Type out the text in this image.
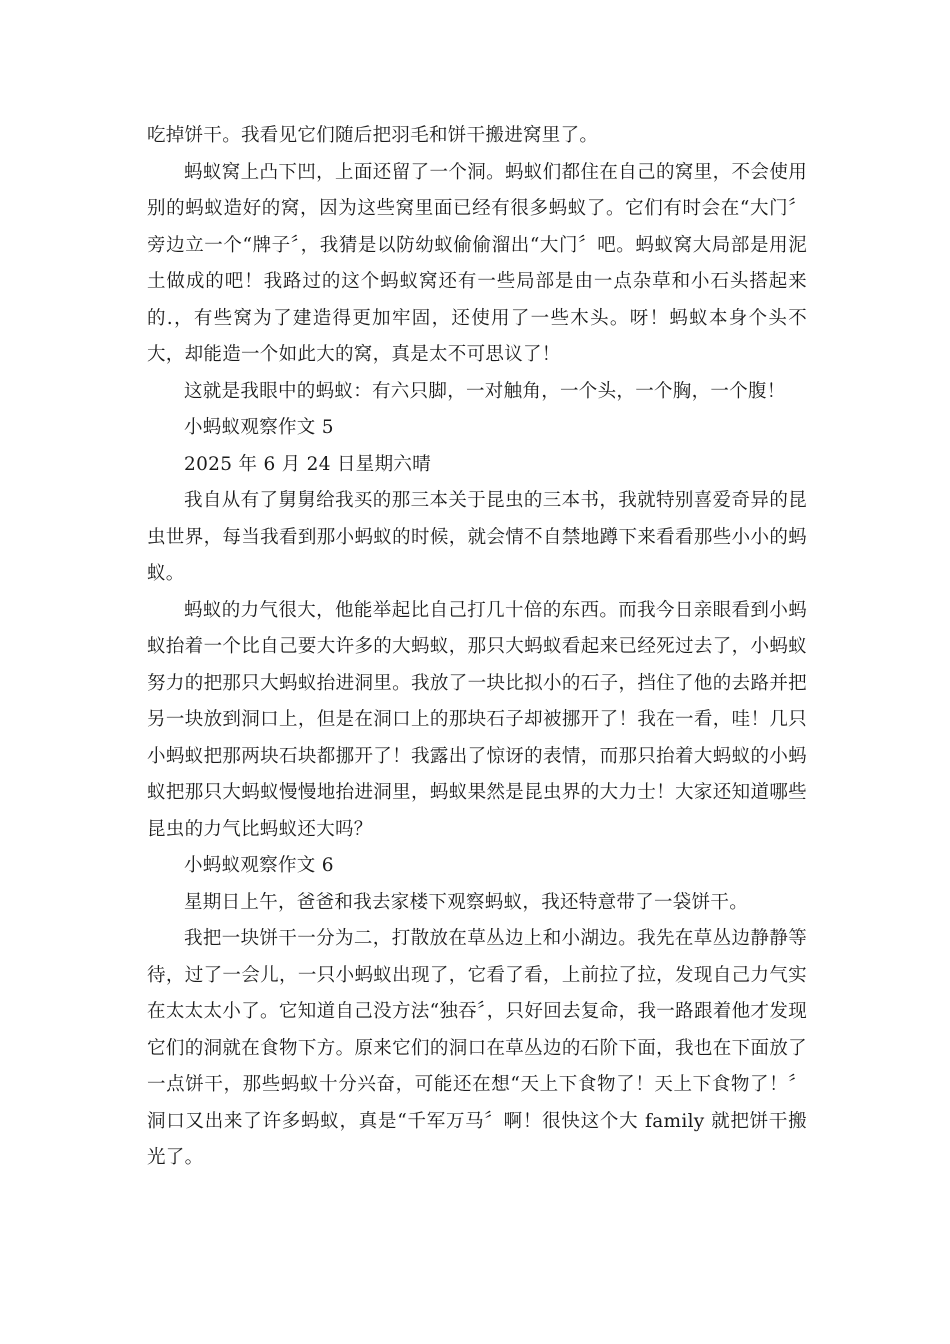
吃掉饼干。我看见它们随后把羽毛和饼干搬进窝里了。

蚂蚁窝上凸下凹，上面还留了一个洞。蚂蚁们都住在自己的窝里，不会使用别的蚂蚁造好的窝，因为这些窝里面已经有很多蚂蚁了。它们有时会在“大门〞旁边立一个“牌子〞，我猜是以防幼蚁偷偷溜出“大门〞吧。蚂蚁窝大局部是用泥土做成的吧！我路过的这个蚂蚁窝还有一些局部是由一点杂草和小石头搭起来的.，有些窝为了建造得更加牢固，还使用了一些木头。呀！蚂蚁本身个头不大，却能造一个如此大的窝，真是太不可思议了！

这就是我眼中的蚂蚁：有六只脚，一对触角，一个头，一个胸，一个腹！

小蚂蚁观察作文 5

2025 年 6 月 24 日星期六晴

我自从有了舅舅给我买的那三本关于昆虫的三本书，我就特别喜爱奇异的昆虫世界，每当我看到那小蚂蚁的时候，就会情不自禁地蹲下来看看那些小小的蚂蚁。

蚂蚁的力气很大，他能举起比自己打几十倍的东西。而我今日亲眼看到小蚂蚁抬着一个比自己要大许多的大蚂蚁，那只大蚂蚁看起来已经死过去了，小蚂蚁努力的把那只大蚂蚁抬进洞里。我放了一块比拟小的石子，挡住了他的去路并把另一块放到洞口上，但是在洞口上的那块石子却被挪开了！我在一看，哇！几只小蚂蚁把那两块石块都挪开了！我露出了惊讶的表情，而那只抬着大蚂蚁的小蚂蚁把那只大蚂蚁慢慢地抬进洞里，蚂蚁果然是昆虫界的大力士！大家还知道哪些昆虫的力气比蚂蚁还大吗？

小蚂蚁观察作文 6

星期日上午，爸爸和我去家楼下观察蚂蚁，我还特意带了一袋饼干。

我把一块饼干一分为二，打散放在草丛边上和小湖边。我先在草丛边静静等待，过了一会儿，一只小蚂蚁出现了，它看了看，上前拉了拉，发现自己力气实在太太太小了。它知道自己没方法“独吞〞，只好回去复命，我一路跟着他才发现它们的洞就在食物下方。原来它们的洞口在草丛边的石阶下面，我也在下面放了一点饼干，那些蚂蚁十分兴奋，可能还在想“天上下食物了！天上下食物了！〞洞口又出来了许多蚂蚁，真是“千军万马〞啊！很快这个大 family 就把饼干搬光了。
